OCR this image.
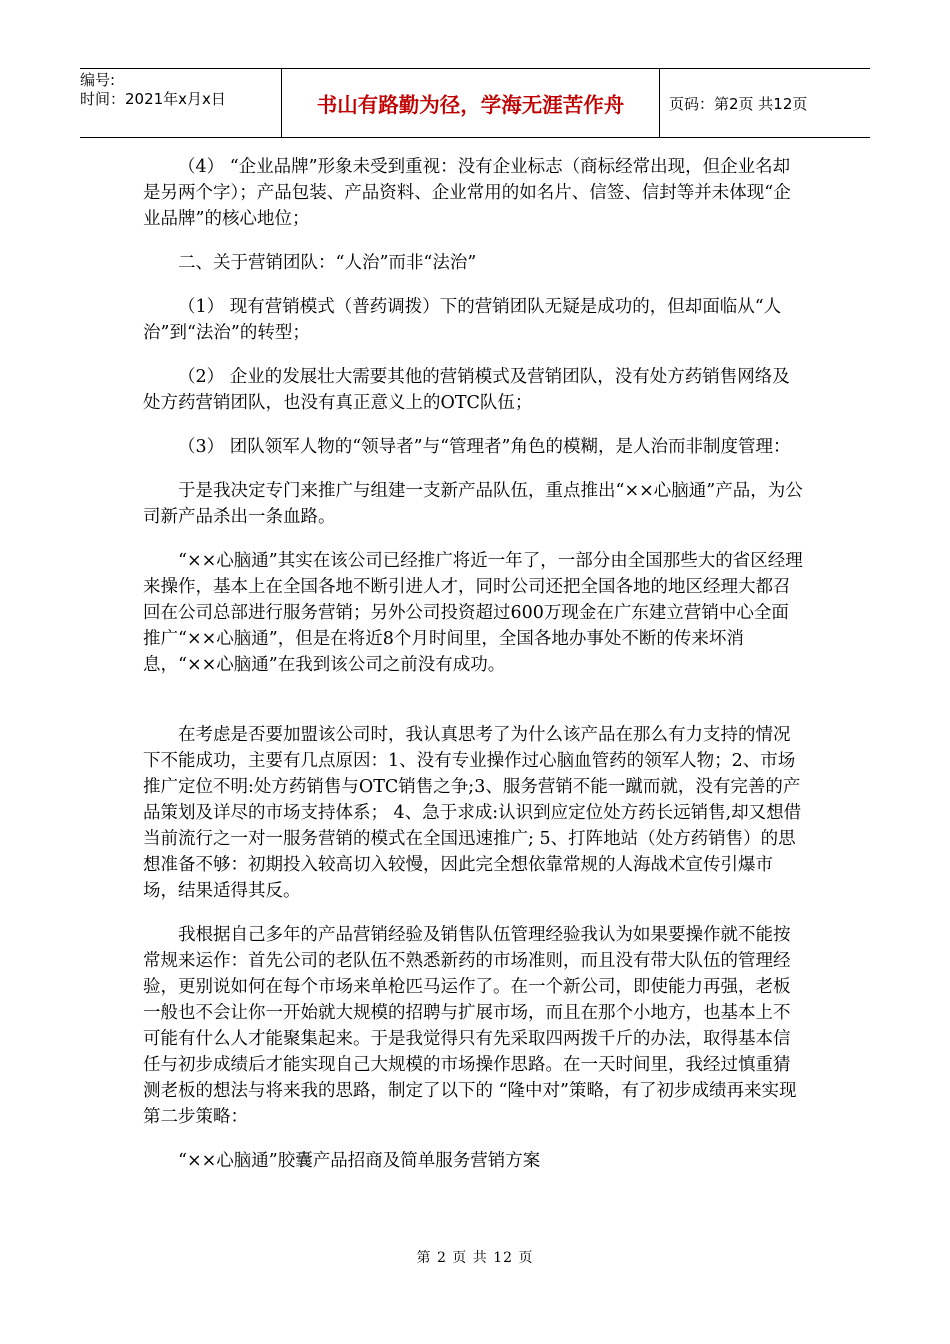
编号:
时间：2021年x月x日	书山有路勤为径，学海无涯苦作舟	页码：第2页 共12页

（4） “企业品牌”形象未受到重视：没有企业标志（商标经常出现，但企业名却是另两个字）；产品包装、产品资料、企业常用的如名片、信签、信封等并未体现“企业品牌”的核心地位；

二、关于营销团队：“人治”而非“法治”

（1） 现有营销模式（普药调拨）下的营销团队无疑是成功的，但却面临从“人治”到“法治”的转型；

（2） 企业的发展壮大需要其他的营销模式及营销团队，没有处方药销售网络及处方药营销团队，也没有真正意义上的OTC队伍；

（3） 团队领军人物的“领导者”与“管理者”角色的模糊，是人治而非制度管理：

于是我决定专门来推广与组建一支新产品队伍，重点推出“××心脑通”产品，为公司新产品杀出一条血路。

“××心脑通”其实在该公司已经推广将近一年了，一部分由全国那些大的省区经理来操作，基本上在全国各地不断引进人才，同时公司还把全国各地的地区经理大都召回在公司总部进行服务营销；另外公司投资超过600万现金在广东建立营销中心全面推广“××心脑通”，但是在将近8个月时间里，全国各地办事处不断的传来坏消息，“××心脑通”在我到该公司之前没有成功。

在考虑是否要加盟该公司时，我认真思考了为什么该产品在那么有力支持的情况下不能成功，主要有几点原因：1、没有专业操作过心脑血管药的领军人物；2、市场推广定位不明:处方药销售与OTC销售之争;3、服务营销不能一蹴而就，没有完善的产品策划及详尽的市场支持体系； 4、急于求成:认识到应定位处方药长远销售,却又想借当前流行之一对一服务营销的模式在全国迅速推广; 5、打阵地站（处方药销售）的思想准备不够：初期投入较高切入较慢，因此完全想依靠常规的人海战术宣传引爆市场，结果适得其反。

我根据自己多年的产品营销经验及销售队伍管理经验我认为如果要操作就不能按常规来运作：首先公司的老队伍不熟悉新药的市场准则，而且没有带大队伍的管理经验，更别说如何在每个市场来单枪匹马运作了。在一个新公司，即使能力再强，老板一般也不会让你一开始就大规模的招聘与扩展市场，而且在那个小地方，也基本上不可能有什么人才能聚集起来。于是我觉得只有先采取四两拨千斤的办法，取得基本信任与初步成绩后才能实现自己大规模的市场操作思路。在一天时间里，我经过慎重猜测老板的想法与将来我的思路，制定了以下的 “隆中对”策略，有了初步成绩再来实现第二步策略：

“××心脑通”胶囊产品招商及简单服务营销方案

第 2 页 共 12 页
